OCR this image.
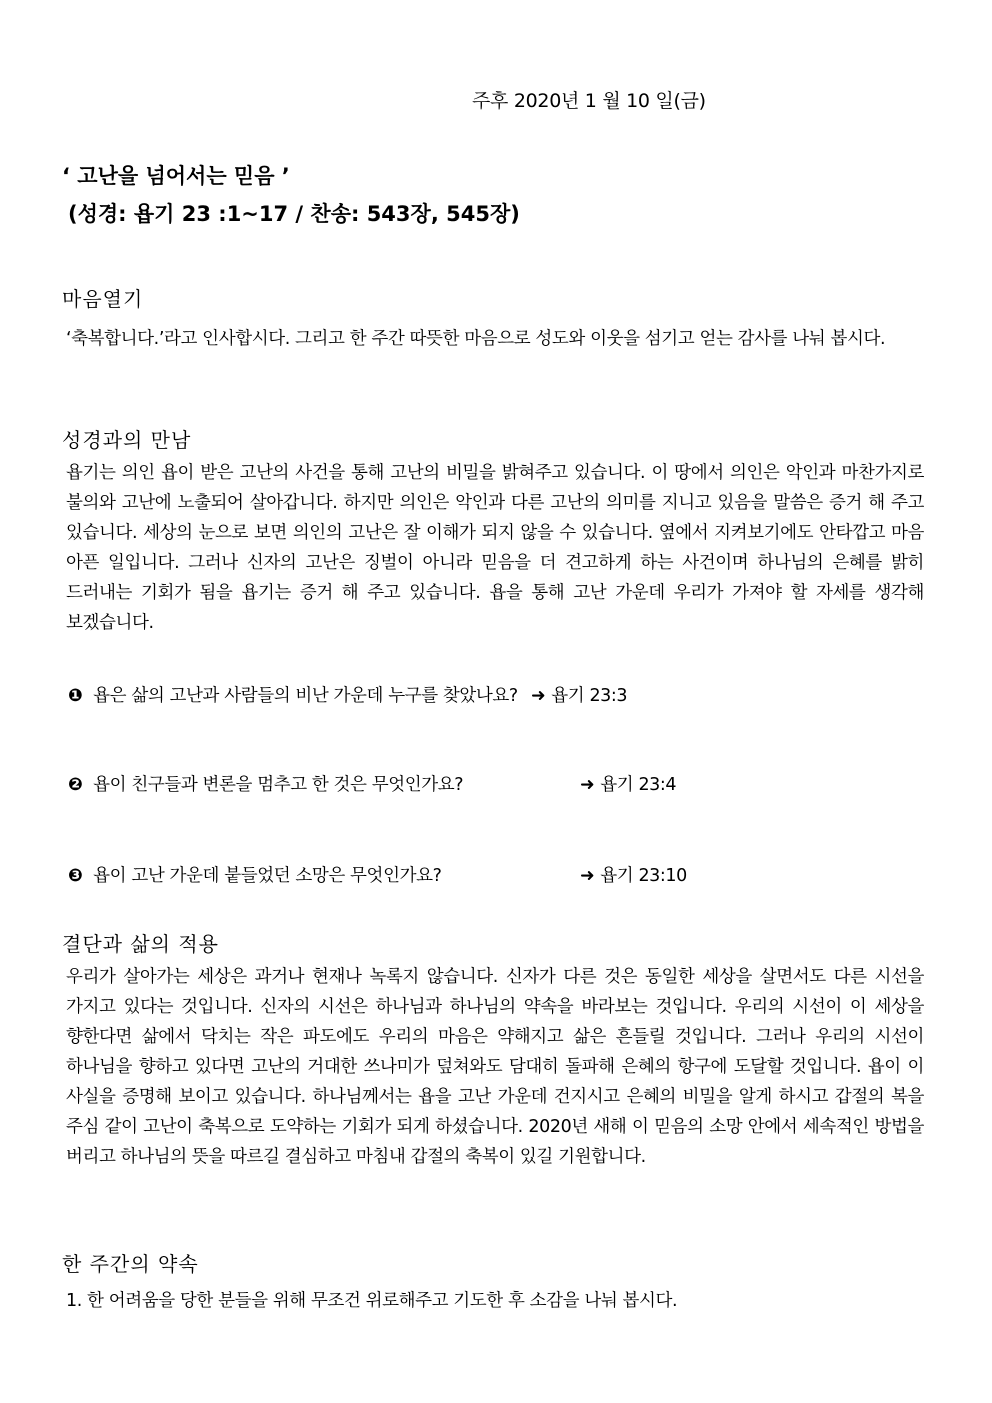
주후 2020년 1 월 10 일(금)
‘ 고난을 넘어서는 믿음 ’
(성경: 욥기 23 :1~17 / 찬송: 543장, 545장)
마음열기
‘축복합니다.’라고 인사합시다. 그리고 한 주간 따뜻한 마음으로 성도와 이웃을 섬기고 얻는 감사를 나눠 봅시다.
성경과의 만남
욥기는 의인 욥이 받은 고난의 사건을 통해 고난의 비밀을 밝혀주고 있습니다. 이 땅에서 의인은 악인과 마찬가지로 불의와 고난에 노출되어 살아갑니다. 하지만 의인은 악인과 다른 고난의 의미를 지니고 있음을 말씀은 증거 해 주고 있습니다. 세상의 눈으로 보면 의인의 고난은 잘 이해가 되지 않을 수 있습니다. 옆에서 지켜보기에도 안타깝고 마음 아픈 일입니다. 그러나 신자의 고난은 징벌이 아니라 믿음을 더 견고하게 하는 사건이며 하나님의 은혜를 밝히 드러내는 기회가 됨을 욥기는 증거 해 주고 있습니다. 욥을 통해 고난 가운데 우리가 가져야 할 자세를 생각해 보겠습니다.
❶ 욥은 삶의 고난과 사람들의 비난 가운데 누구를 찾았나요? ➜ 욥기 23:3
❷ 욥이 친구들과 변론을 멈추고 한 것은 무엇인가요?	➜ 욥기 23:4
❸ 욥이 고난 가운데 붙들었던 소망은 무엇인가요?	➜ 욥기 23:10
결단과 삶의 적용
우리가 살아가는 세상은 과거나 현재나 녹록지 않습니다. 신자가 다른 것은 동일한 세상을 살면서도 다른 시선을 가지고 있다는 것입니다. 신자의 시선은 하나님과 하나님의 약속을 바라보는 것입니다. 우리의 시선이 이 세상을 향한다면 삶에서 닥치는 작은 파도에도 우리의 마음은 약해지고 삶은 흔들릴 것입니다. 그러나 우리의 시선이 하나님을 향하고 있다면 고난의 거대한 쓰나미가 덮쳐와도 담대히 돌파해 은혜의 항구에 도달할 것입니다. 욥이 이 사실을 증명해 보이고 있습니다. 하나님께서는 욥을 고난 가운데 건지시고 은혜의 비밀을 알게 하시고 갑절의 복을 주심 같이 고난이 축복으로 도약하는 기회가 되게 하셨습니다. 2020년 새해 이 믿음의 소망 안에서 세속적인 방법을 버리고 하나님의 뜻을 따르길 결심하고 마침내 갑절의 축복이 있길 기원합니다.
한 주간의 약속
1. 한 어려움을 당한 분들을 위해 무조건 위로해주고 기도한 후 소감을 나눠 봅시다.
